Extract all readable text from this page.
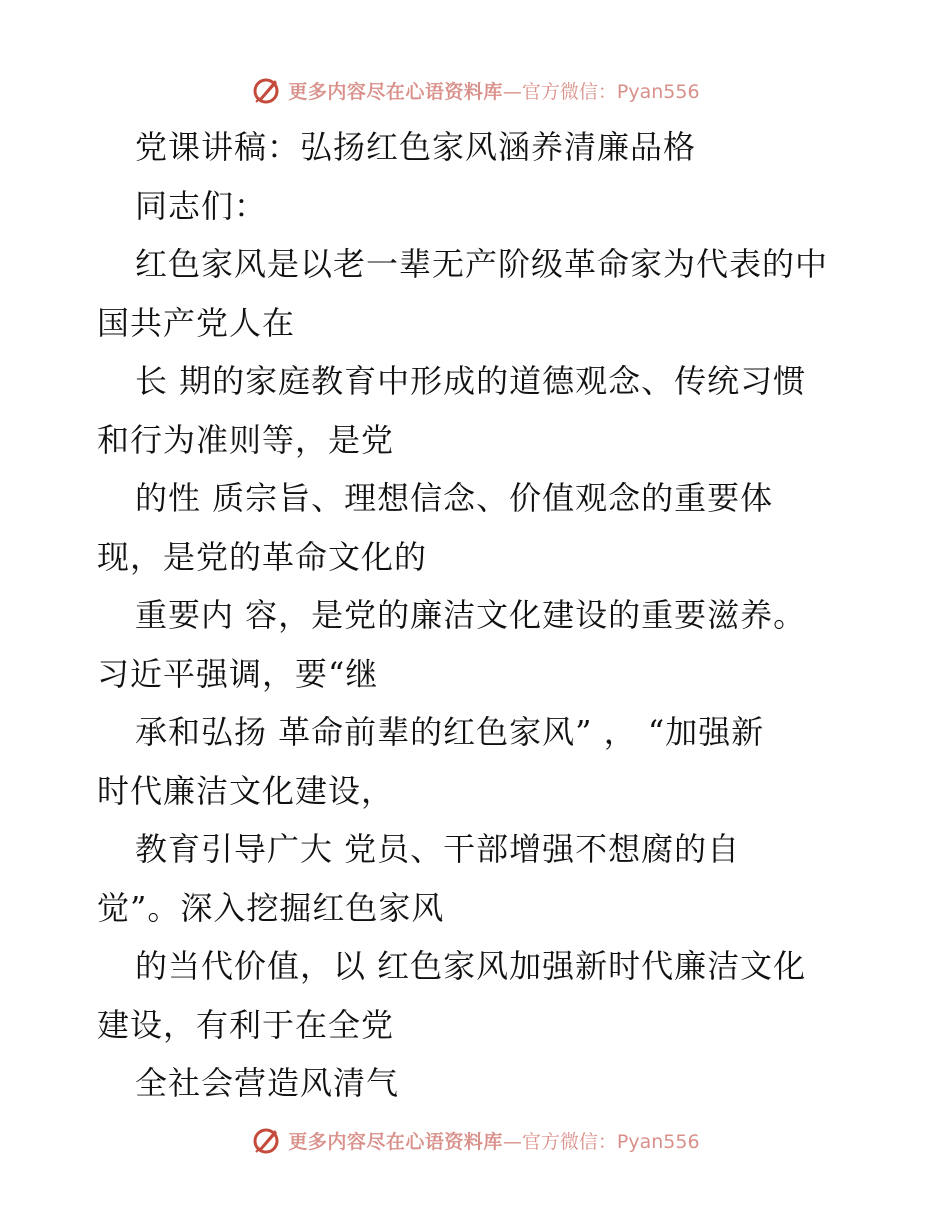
更多内容尽在心语资料库 —官方微信：Pyan556
党课讲稿：弘扬红色家风涵养清廉品格
同志们：
红色家风是以老一辈无产阶级革命家为代表的中
国共产党人在
长 期的家庭教育中形成的道德观念、传统习惯
和行为准则等，是党
的性 质宗旨、理想信念、价值观念的重要体
现，是党的革命文化的
重要内 容，是党的廉洁文化建设的重要滋养。
习近平强调，要“继
承和弘扬 革命前辈的红色家风” ， “加强新
时代廉洁文化建设，
教育引导广大 党员、干部增强不想腐的自
觉”。深入挖掘红色家风
的当代价值，以 红色家风加强新时代廉洁文化
建设，有利于在全党
全社会营造风清气
更多内容尽在心语资料库 —官方微信：Pyan556
